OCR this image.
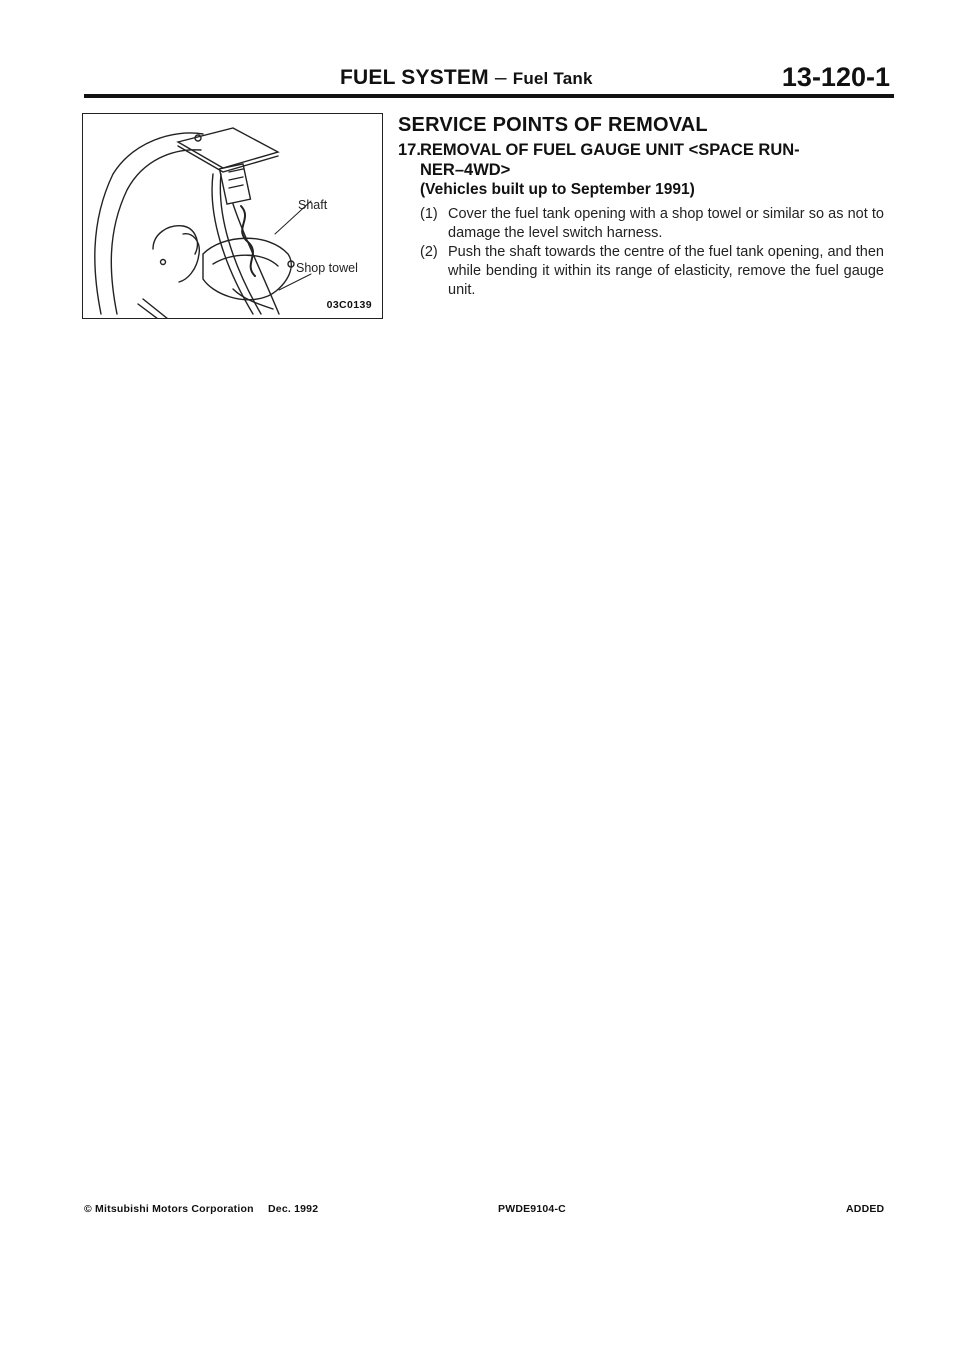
FUEL SYSTEM – Fuel Tank	13-120-1
Shaft
Shop towel
03C0139
SERVICE POINTS OF REMOVAL
17.REMOVAL OF FUEL GAUGE UNIT <SPACE RUN-
NER–4WD>
(Vehicles built up to September 1991)
(1) Cover the fuel tank opening with a shop towel or similar so as not to damage the level switch harness.
(2) Push the shaft towards the centre of the fuel tank opening, and then while bending it within its range of elasticity, remove the fuel gauge unit.
© Mitsubishi Motors Corporation Dec. 1992	PWDE9104-C	ADDED
